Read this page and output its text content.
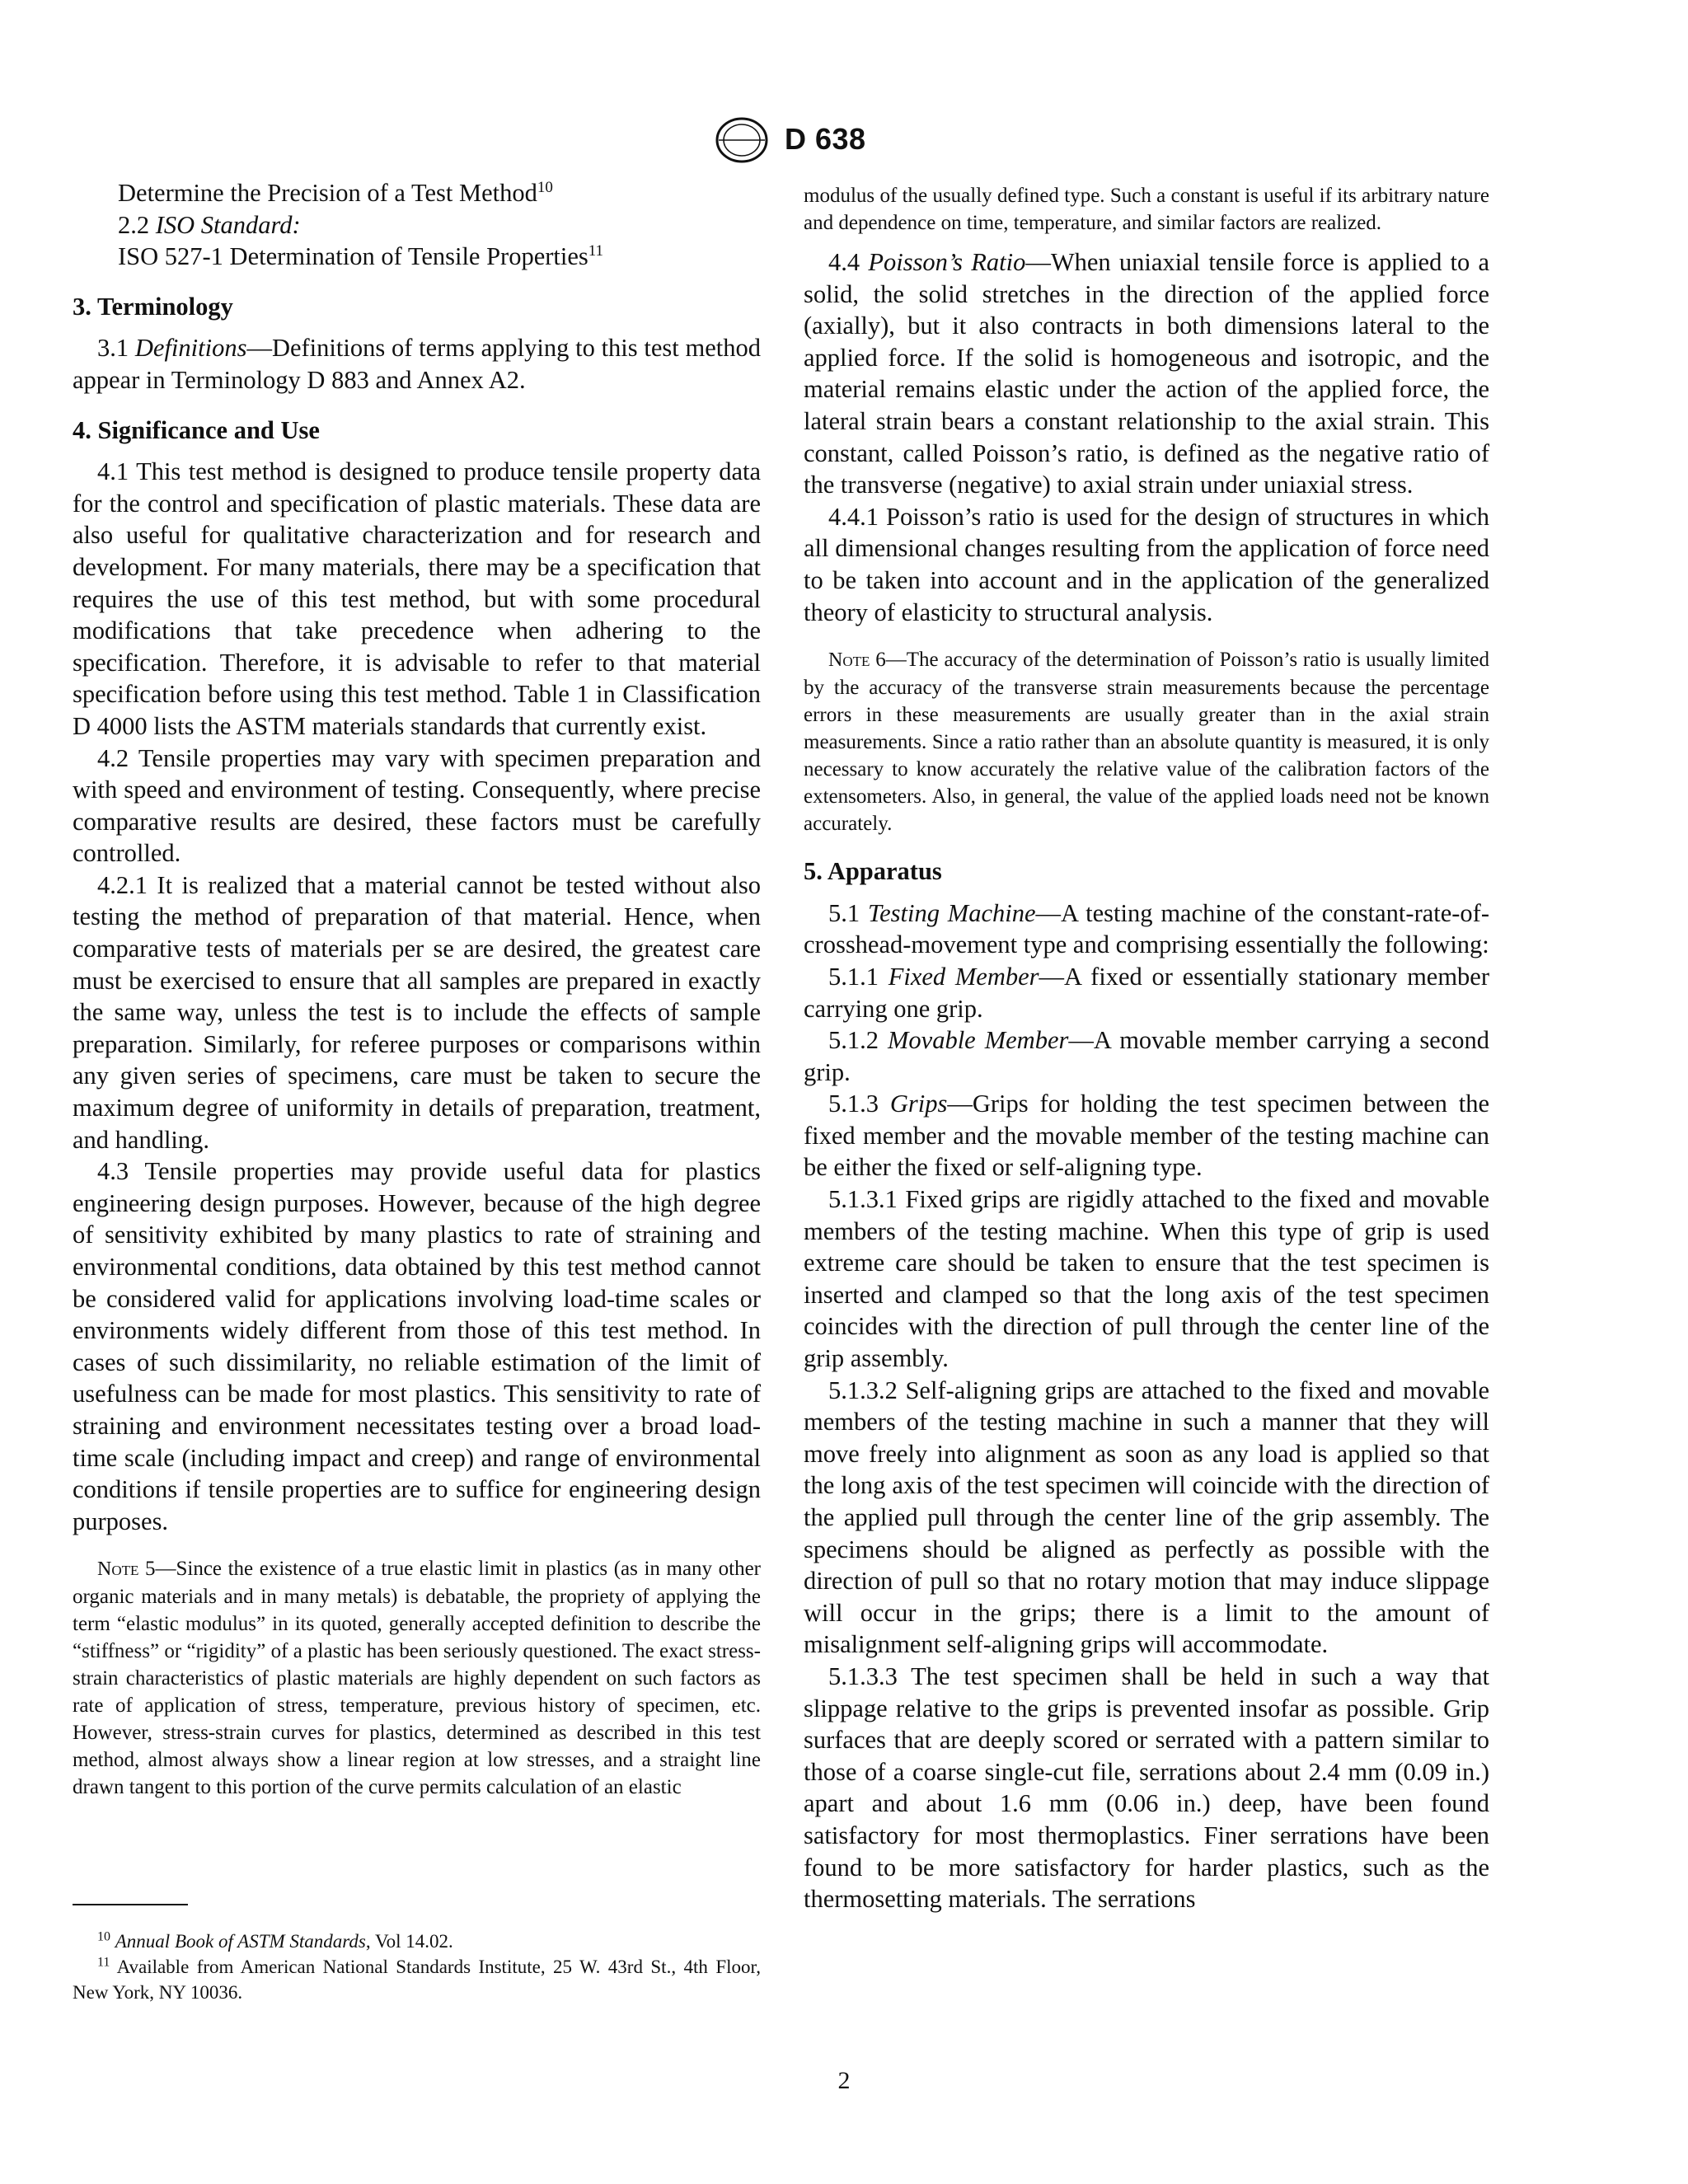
D 638
Determine the Precision of a Test Method$^{10}$
2.2 ISO Standard:
ISO 527-1 Determination of Tensile Properties$^{11}$
3. Terminology

3.1 Definitions—Definitions of terms applying to this test method appear in Terminology D 883 and Annex A2.

4. Significance and Use

4.1 This test method is designed to produce tensile property data for the control and specification of plastic materials. These data are also useful for qualitative characterization and for research and development. For many materials, there may be a specification that requires the use of this test method, but with some procedural modifications that take precedence when adhering to the specification. Therefore, it is advisable to refer to that material specification before using this test method. Table 1 in Classification D 4000 lists the ASTM materials standards that currently exist.

4.2 Tensile properties may vary with specimen preparation and with speed and environment of testing. Consequently, where precise comparative results are desired, these factors must be carefully controlled.

4.2.1 It is realized that a material cannot be tested without also testing the method of preparation of that material. Hence, when comparative tests of materials per se are desired, the greatest care must be exercised to ensure that all samples are prepared in exactly the same way, unless the test is to include the effects of sample preparation. Similarly, for referee purposes or comparisons within any given series of specimens, care must be taken to secure the maximum degree of uniformity in details of preparation, treatment, and handling.

4.3 Tensile properties may provide useful data for plastics engineering design purposes. However, because of the high degree of sensitivity exhibited by many plastics to rate of straining and environmental conditions, data obtained by this test method cannot be considered valid for applications involving load-time scales or environments widely different from those of this test method. In cases of such dissimilarity, no reliable estimation of the limit of usefulness can be made for most plastics. This sensitivity to rate of straining and environment necessitates testing over a broad load-time scale (including impact and creep) and range of environmental conditions if tensile properties are to suffice for engineering design purposes.

Note 5—Since the existence of a true elastic limit in plastics (as in many other organic materials and in many metals) is debatable, the propriety of applying the term “elastic modulus” in its quoted, generally accepted definition to describe the “stiffness” or “rigidity” of a plastic has been seriously questioned. The exact stress-strain characteristics of plastic materials are highly dependent on such factors as rate of application of stress, temperature, previous history of specimen, etc. However, stress-strain curves for plastics, determined as described in this test method, almost always show a linear region at low stresses, and a straight line drawn tangent to this portion of the curve permits calculation of an elastic

$^{10}$ Annual Book of ASTM Standards, Vol 14.02.

$^{11}$ Available from American National Standards Institute, 25 W. 43rd St., 4th Floor, New York, NY 10036.

modulus of the usually defined type. Such a constant is useful if its arbitrary nature and dependence on time, temperature, and similar factors are realized.

4.4 Poisson’s Ratio—When uniaxial tensile force is applied to a solid, the solid stretches in the direction of the applied force (axially), but it also contracts in both dimensions lateral to the applied force. If the solid is homogeneous and isotropic, and the material remains elastic under the action of the applied force, the lateral strain bears a constant relationship to the axial strain. This constant, called Poisson’s ratio, is defined as the negative ratio of the transverse (negative) to axial strain under uniaxial stress.

4.4.1 Poisson’s ratio is used for the design of structures in which all dimensional changes resulting from the application of force need to be taken into account and in the application of the generalized theory of elasticity to structural analysis.

Note 6—The accuracy of the determination of Poisson’s ratio is usually limited by the accuracy of the transverse strain measurements because the percentage errors in these measurements are usually greater than in the axial strain measurements. Since a ratio rather than an absolute quantity is measured, it is only necessary to know accurately the relative value of the calibration factors of the extensometers. Also, in general, the value of the applied loads need not be known accurately.

5. Apparatus

5.1 Testing Machine—A testing machine of the constant-rate-of-crosshead-movement type and comprising essentially the following:

5.1.1 Fixed Member—A fixed or essentially stationary member carrying one grip.

5.1.2 Movable Member—A movable member carrying a second grip.

5.1.3 Grips—Grips for holding the test specimen between the fixed member and the movable member of the testing machine can be either the fixed or self-aligning type.

5.1.3.1 Fixed grips are rigidly attached to the fixed and movable members of the testing machine. When this type of grip is used extreme care should be taken to ensure that the test specimen is inserted and clamped so that the long axis of the test specimen coincides with the direction of pull through the center line of the grip assembly.

5.1.3.2 Self-aligning grips are attached to the fixed and movable members of the testing machine in such a manner that they will move freely into alignment as soon as any load is applied so that the long axis of the test specimen will coincide with the direction of the applied pull through the center line of the grip assembly. The specimens should be aligned as perfectly as possible with the direction of pull so that no rotary motion that may induce slippage will occur in the grips; there is a limit to the amount of misalignment self-aligning grips will accommodate.

5.1.3.3 The test specimen shall be held in such a way that slippage relative to the grips is prevented insofar as possible. Grip surfaces that are deeply scored or serrated with a pattern similar to those of a coarse single-cut file, serrations about 2.4 mm (0.09 in.) apart and about 1.6 mm (0.06 in.) deep, have been found satisfactory for most thermoplastics. Finer serrations have been found to be more satisfactory for harder plastics, such as the thermosetting materials. The serrations

2
